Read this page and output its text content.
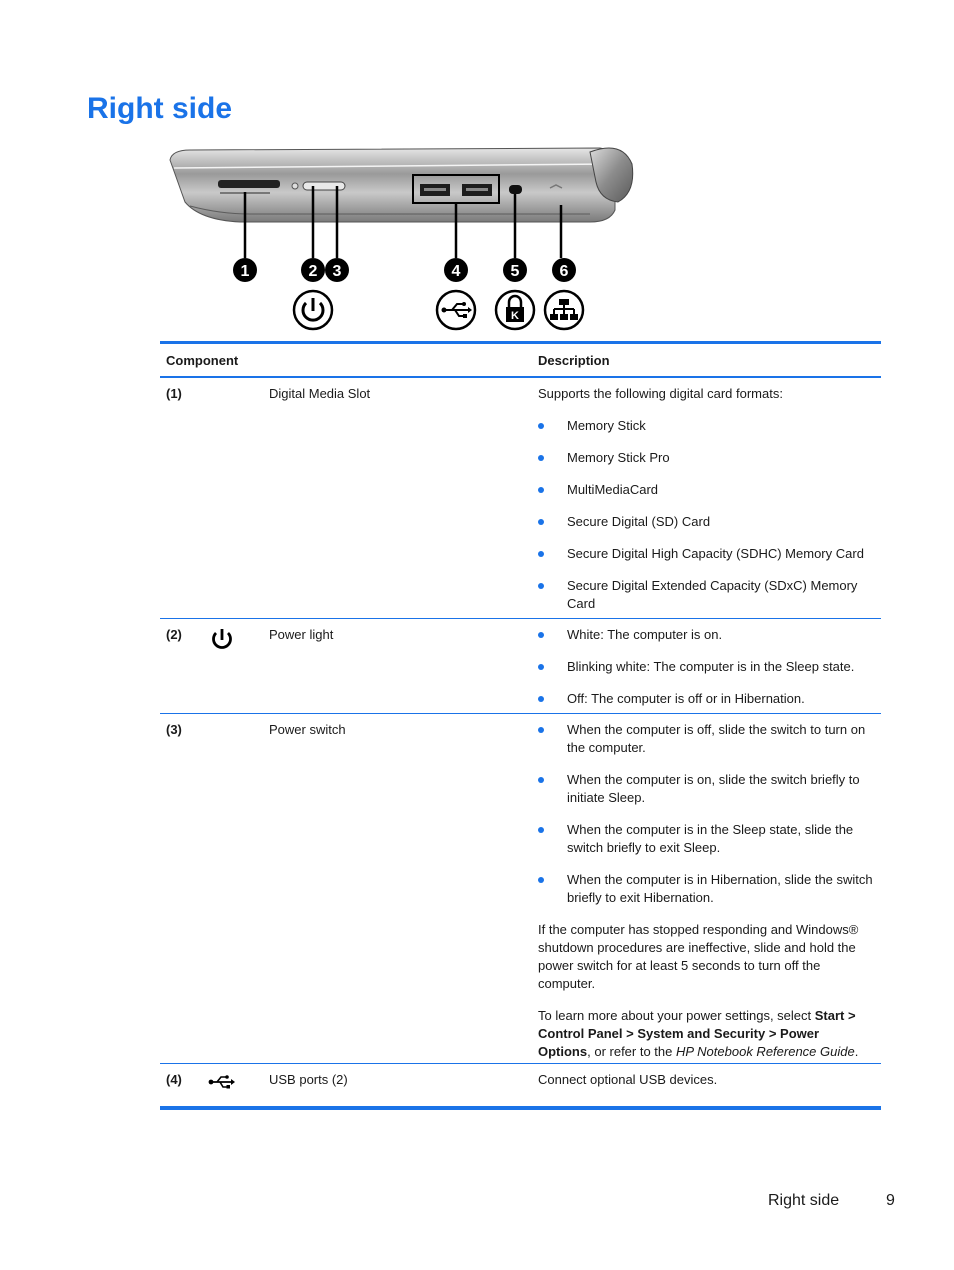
Right side
1	2 3	4	5	6
K
Component	Description
(1)	Digital Media Slot	Supports the following digital card formats:

Memory Stick
Memory Stick Pro
MultiMediaCard
Secure Digital (SD) Card
Secure Digital High Capacity (SDHC) Memory Card
Secure Digital Extended Capacity (SDxC) Memory Card
(2)	Power light	White: The computer is on.
Blinking white: The computer is in the Sleep state.
Off: The computer is off or in Hibernation.
(3)	Power switch	When the computer is off, slide the switch to turn on the computer.
When the computer is on, slide the switch briefly to initiate Sleep.
When the computer is in the Sleep state, slide the switch briefly to exit Sleep.
When the computer is in Hibernation, slide the switch briefly to exit Hibernation.

If the computer has stopped responding and Windows® shutdown procedures are ineffective, slide and hold the power switch for at least 5 seconds to turn off the computer.

To learn more about your power settings, select Start > Control Panel > System and Security > Power Options, or refer to the HP Notebook Reference Guide.

(4)	USB ports (2)	Connect optional USB devices.

Right side	9
